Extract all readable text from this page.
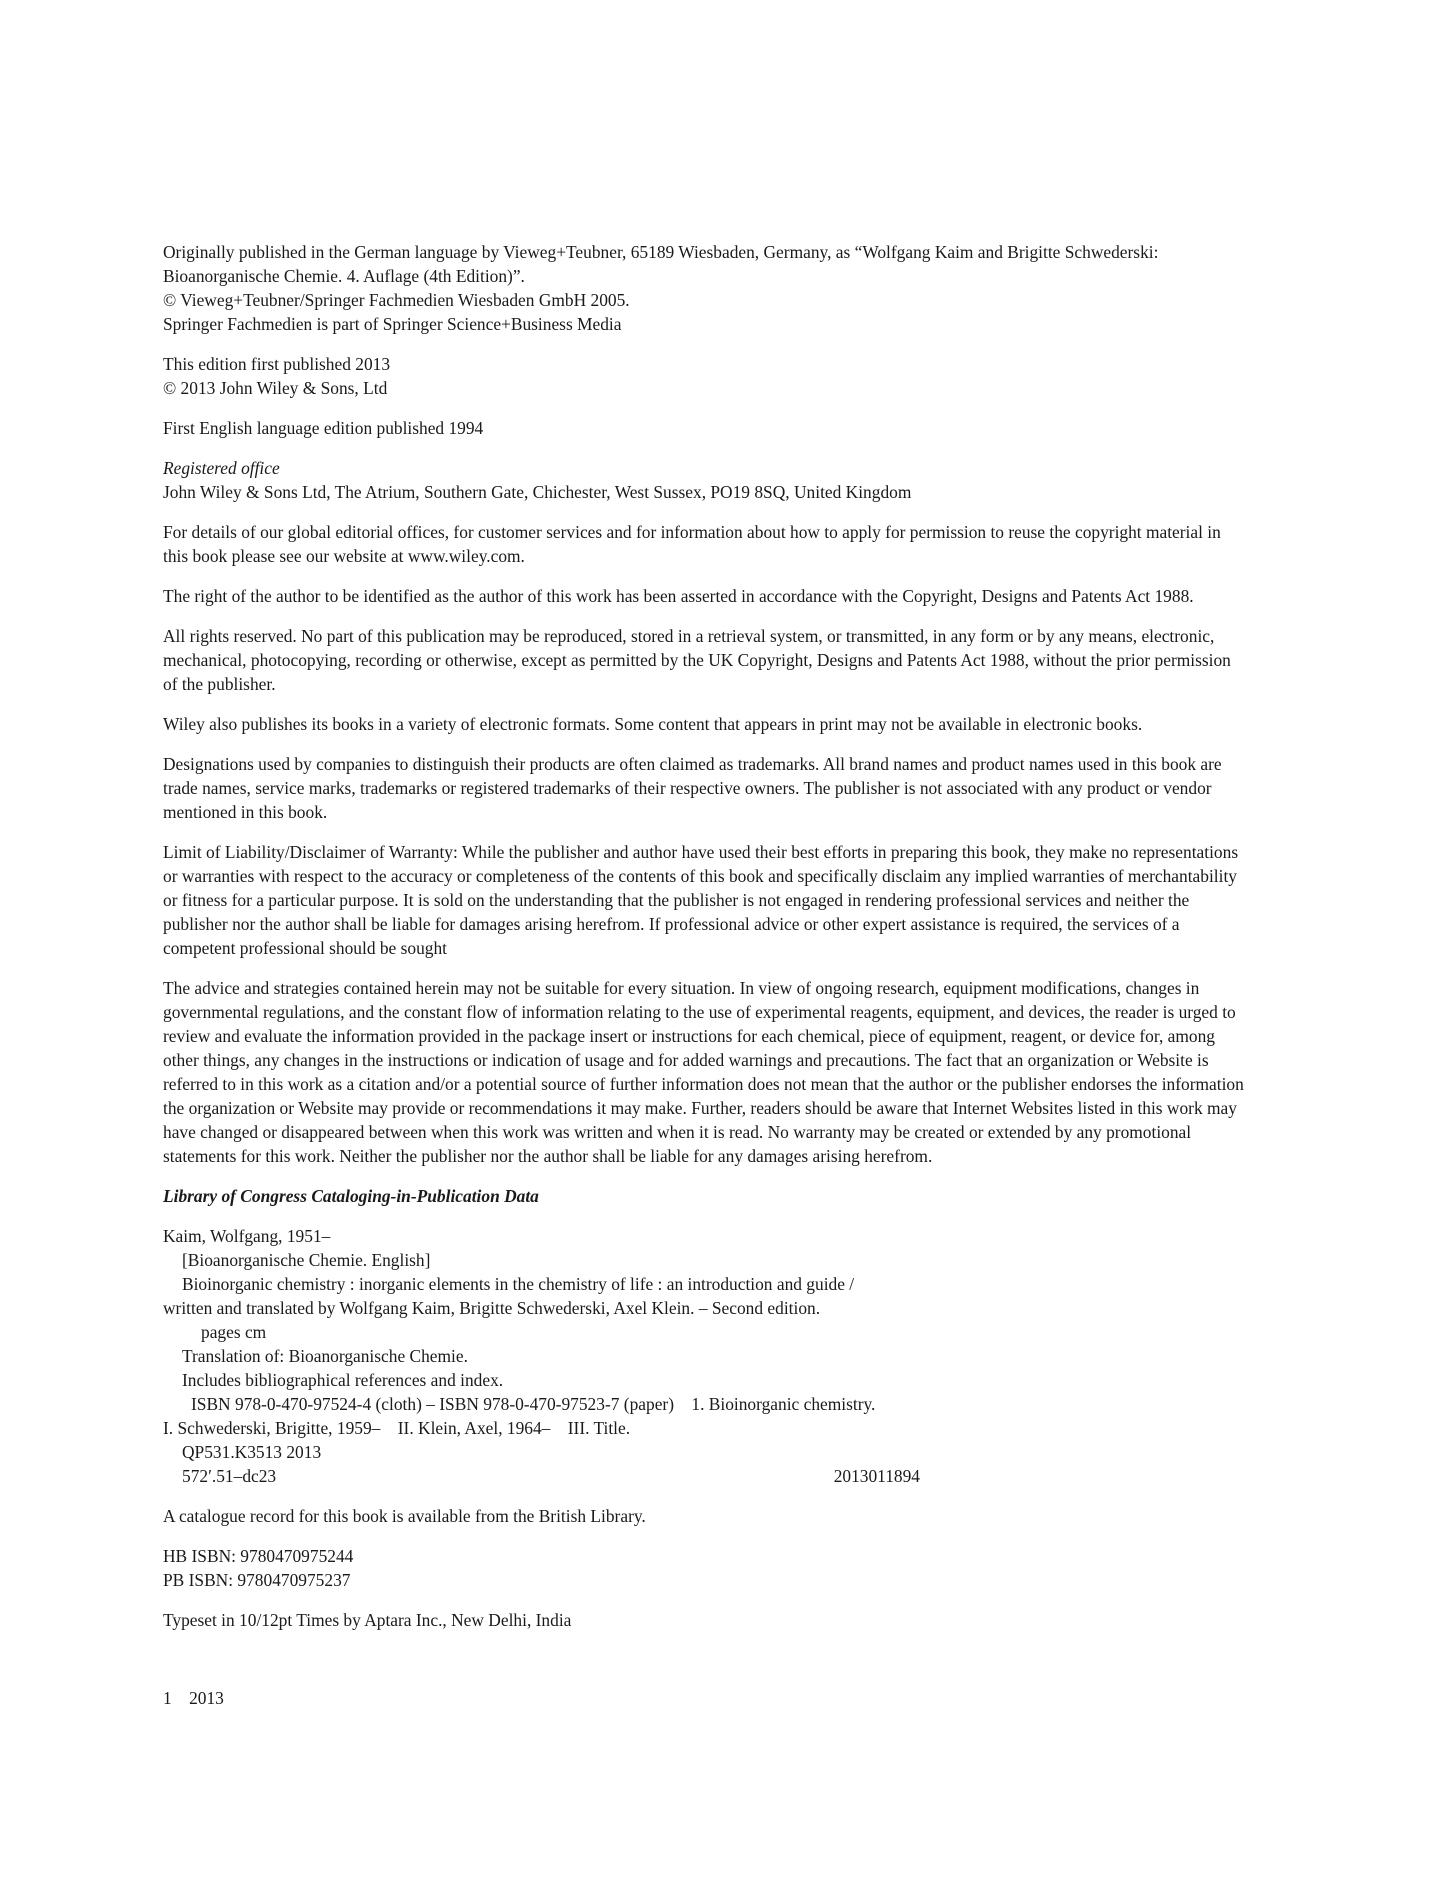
Originally published in the German language by Vieweg+Teubner, 65189 Wiesbaden, Germany, as “Wolfgang Kaim and Brigitte Schwederski:
Bioanorganische Chemie. 4. Auflage (4th Edition)”.
© Vieweg+Teubner/Springer Fachmedien Wiesbaden GmbH 2005.
Springer Fachmedien is part of Springer Science+Business Media

This edition first published 2013
© 2013 John Wiley & Sons, Ltd

First English language edition published 1994

Registered office
John Wiley & Sons Ltd, The Atrium, Southern Gate, Chichester, West Sussex, PO19 8SQ, United Kingdom

For details of our global editorial offices, for customer services and for information about how to apply for permission to reuse the copyright material in
this book please see our website at www.wiley.com.

The right of the author to be identified as the author of this work has been asserted in accordance with the Copyright, Designs and Patents Act 1988.

All rights reserved. No part of this publication may be reproduced, stored in a retrieval system, or transmitted, in any form or by any means, electronic,
mechanical, photocopying, recording or otherwise, except as permitted by the UK Copyright, Designs and Patents Act 1988, without the prior permission
of the publisher.

Wiley also publishes its books in a variety of electronic formats. Some content that appears in print may not be available in electronic books.

Designations used by companies to distinguish their products are often claimed as trademarks. All brand names and product names used in this book are
trade names, service marks, trademarks or registered trademarks of their respective owners. The publisher is not associated with any product or vendor
mentioned in this book.

Limit of Liability/Disclaimer of Warranty: While the publisher and author have used their best efforts in preparing this book, they make no representations
or warranties with respect to the accuracy or completeness of the contents of this book and specifically disclaim any implied warranties of merchantability
or fitness for a particular purpose. It is sold on the understanding that the publisher is not engaged in rendering professional services and neither the
publisher nor the author shall be liable for damages arising herefrom. If professional advice or other expert assistance is required, the services of a
competent professional should be sought

The advice and strategies contained herein may not be suitable for every situation. In view of ongoing research, equipment modifications, changes in
governmental regulations, and the constant flow of information relating to the use of experimental reagents, equipment, and devices, the reader is urged to
review and evaluate the information provided in the package insert or instructions for each chemical, piece of equipment, reagent, or device for, among
other things, any changes in the instructions or indication of usage and for added warnings and precautions. The fact that an organization or Website is
referred to in this work as a citation and/or a potential source of further information does not mean that the author or the publisher endorses the information
the organization or Website may provide or recommendations it may make. Further, readers should be aware that Internet Websites listed in this work may
have changed or disappeared between when this work was written and when it is read. No warranty may be created or extended by any promotional
statements for this work. Neither the publisher nor the author shall be liable for any damages arising herefrom.

Library of Congress Cataloging-in-Publication Data

Kaim, Wolfgang, 1951–
[Bioanorganische Chemie. English]
Bioinorganic chemistry : inorganic elements in the chemistry of life : an introduction and guide /
written and translated by Wolfgang Kaim, Brigitte Schwederski, Axel Klein. – Second edition.
pages cm
Translation of: Bioanorganische Chemie.
Includes bibliographical references and index.
ISBN 978-0-470-97524-4 (cloth) – ISBN 978-0-470-97523-7 (paper)    1. Bioinorganic chemistry.
I. Schwederski, Brigitte, 1959–    II. Klein, Axel, 1964–    III. Title.
QP531.K3513 2013
572′.51–dc23	2013011894

A catalogue record for this book is available from the British Library.

HB ISBN: 9780470975244
PB ISBN: 9780470975237

Typeset in 10/12pt Times by Aptara Inc., New Delhi, India

1    2013
